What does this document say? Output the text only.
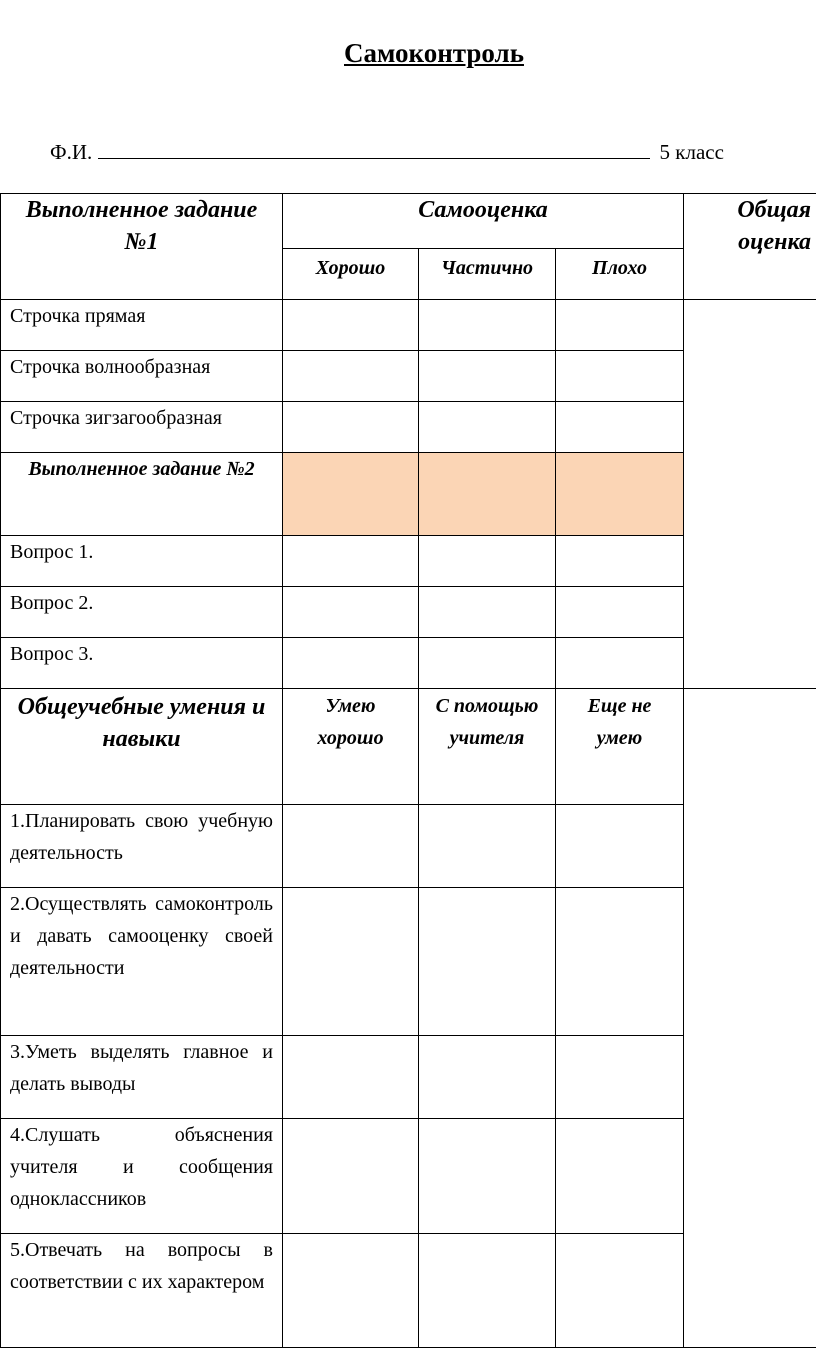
Самоконтроль
Ф.И.	5 класс
Выполненное задание №1	Самооценка			Общая оценка
	Хорошо	Частично	Плохо	
Строчка прямая				
Строчка волнообразная				
Строчка зигзагообразная				
Выполненное задание №2				
Вопрос 1.				
Вопрос 2.				
Вопрос 3.				
Общеучебные умения и навыки	Умею хорошо	С помощью учителя	Еще не умею	
1.Планировать свою учебную деятельность				
2.Осуществлять самоконтроль и давать самооценку своей деятельности				
3.Уметь выделять главное и делать выводы				
4.Слушать объяснения учителя и сообщения одноклассников				
5.Отвечать на вопросы в соответствии с их характером				
